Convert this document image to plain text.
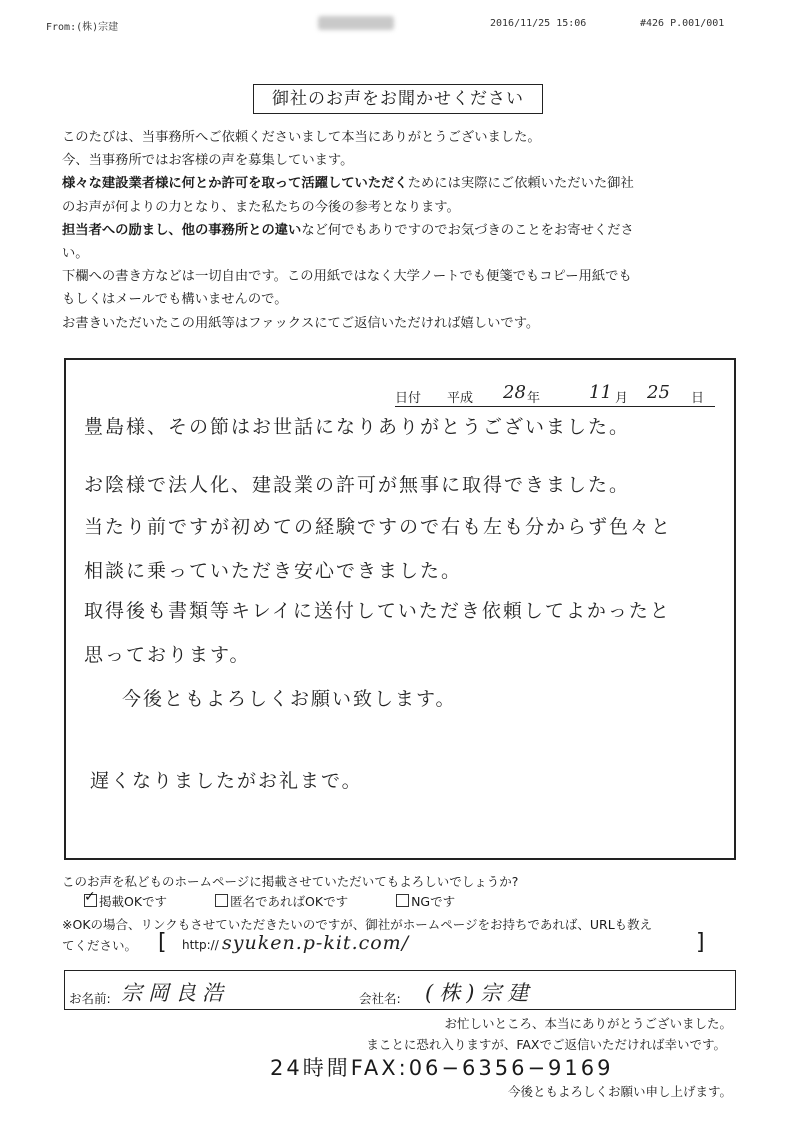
From:(株)宗建	2016/11/25 15:06	#426 P.001/001
御社のお声をお聞かせください

このたびは、当事務所へご依頼くださいまして本当にありがとうございました。

今、当事務所ではお客様の声を募集しています。

様々な建設業者様に何とか許可を取って活躍していただくためには実際にご依頼いただいた御社

のお声が何よりの力となり、また私たちの今後の参考となります。

担当者への励まし、他の事務所との違いなど何でもありですのでお気づきのことをお寄せくださ

い。

下欄への書き方などは一切自由です。この用紙ではなく大学ノートでも便箋でもコピー用紙でも

もしくはメールでも構いませんので。

お書きいただいたこの用紙等はファックスにてご返信いただければ嬉しいです。

日付 平成 28 年	11 月 25 日

豊島様、その節はお世話になりありがとうございました。

お陰様で法人化、建設業の許可が無事に取得できました。

当たり前ですが初めての経験ですので右も左も分からず色々と

相談に乗っていただき安心できました。

取得後も書類等キレイに送付していただき依頼してよかったと

思っております。

今後ともよろしくお願い致します。

遅くなりましたがお礼まで。

このお声を私どものホームページに掲載させていただいてもよろしいでしょうか?
✓掲載OKです	匿名であればOKです	NGです
※OKの場合、リンクもさせていただきたいのですが、御社がホームページをお持ちであれば、URLも教え
てください。 [ http:// syuken.p-kit.com/	]
お名前: 宗岡良浩	会社名: (株)宗建
お忙しいところ、本当にありがとうございました。
まことに恐れ入りますが、FAXでご返信いただければ幸いです。
24時間FAX:06−6356−9169
今後ともよろしくお願い申し上げます。
